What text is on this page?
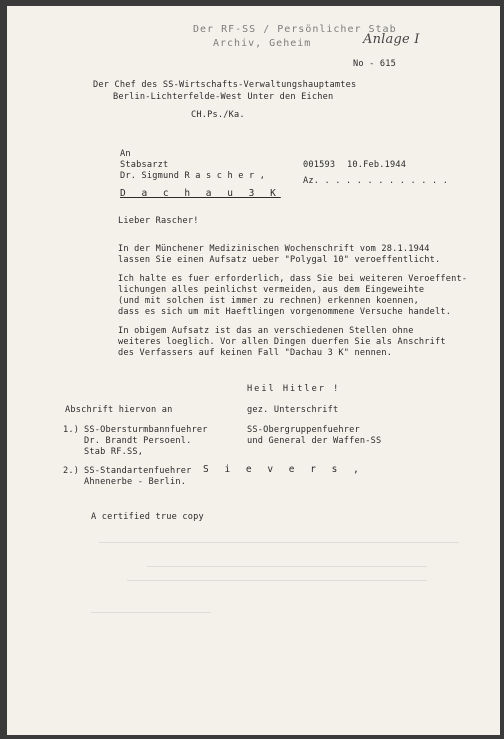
Der RF-SS / Persönlicher Stab
Archiv, Geheim	Anlage I
No - 615
Der Chef des SS-Wirtschafts-Verwaltungshauptamtes
Berlin-Lichterfelde-West Unter den Eichen
CH.Ps./Ka.
An
Stabsarzt
Dr. Sigmund R a s c h e r ,
D a c h a u 3 K
001593 10.Feb.1944
Az. . . . . . . . . . . . .
Lieber Rascher!
In der Münchener Medizinischen Wochenschrift vom 28.1.1944
lassen Sie einen Aufsatz ueber "Polygal 10" veroeffentlicht.
Ich halte es fuer erforderlich, dass Sie bei weiteren Veroeffent-
lichungen alles peinlichst vermeiden, aus dem Eingeweihte
(und mit solchen ist immer zu rechnen) erkennen koennen,
dass es sich um mit Haeftlingen vorgenommene Versuche handelt.
In obigem Aufsatz ist das an verschiedenen Stellen ohne
weiteres loeglich. Vor allen Dingen duerfen Sie als Anschrift
des Verfassers auf keinen Fall "Dachau 3 K" nennen.
Heil Hitler !
Abschrift hiervon an	gez. Unterschrift
1.) SS-Obersturmbannfuehrer
Dr. Brandt Persoenl.
Stab RF.SS,
SS-Obergruppenfuehrer
und General der Waffen-SS
2.) SS-Standartenfuehrer
Ahnenerbe - Berlin.
S i e v e r s ,
A certified true copy
